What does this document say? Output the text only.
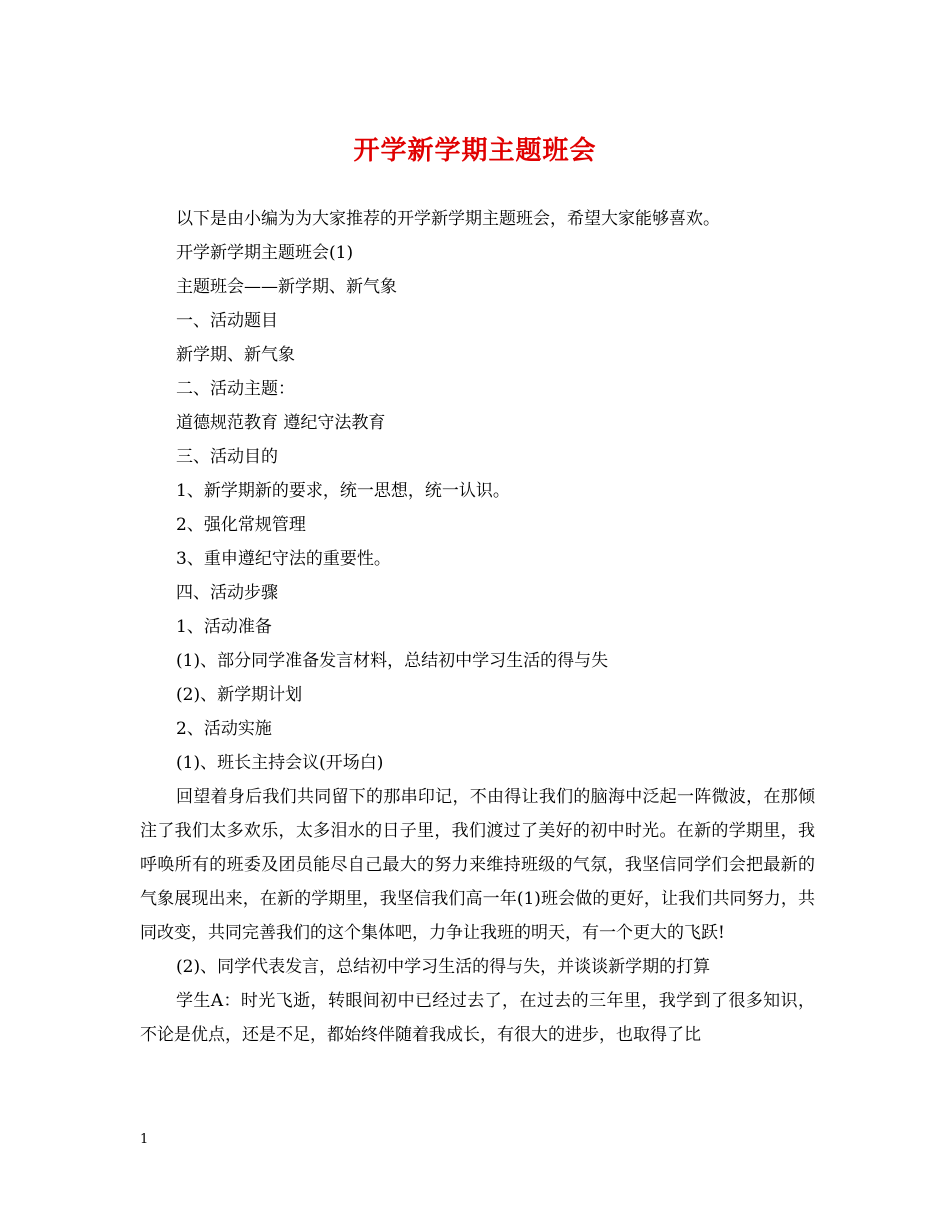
开学新学期主题班会

以下是由小编为为大家推荐的开学新学期主题班会，希望大家能够喜欢。

开学新学期主题班会(1)

主题班会——新学期、新气象

一、活动题目

新学期、新气象

二、活动主题：

道德规范教育 遵纪守法教育

三、活动目的

1、新学期新的要求，统一思想，统一认识。

2、强化常规管理

3、重申遵纪守法的重要性。

四、活动步骤

1、活动准备

(1)、部分同学准备发言材料，总结初中学习生活的得与失

(2)、新学期计划

2、活动实施

(1)、班长主持会议(开场白)

回望着身后我们共同留下的那串印记，不由得让我们的脑海中泛起一阵微波，在那倾注了我们太多欢乐，太多泪水的日子里，我们渡过了美好的初中时光。在新的学期里，我呼唤所有的班委及团员能尽自己最大的努力来维持班级的气氛，我坚信同学们会把最新的气象展现出来，在新的学期里，我坚信我们高一年(1)班会做的更好，让我们共同努力，共同改变，共同完善我们的这个集体吧，力争让我班的明天，有一个更大的飞跃!

(2)、同学代表发言，总结初中学习生活的得与失，并谈谈新学期的打算

学生A：时光飞逝，转眼间初中已经过去了，在过去的三年里，我学到了很多知识，不论是优点，还是不足，都始终伴随着我成长，有很大的进步，也取得了比

1
